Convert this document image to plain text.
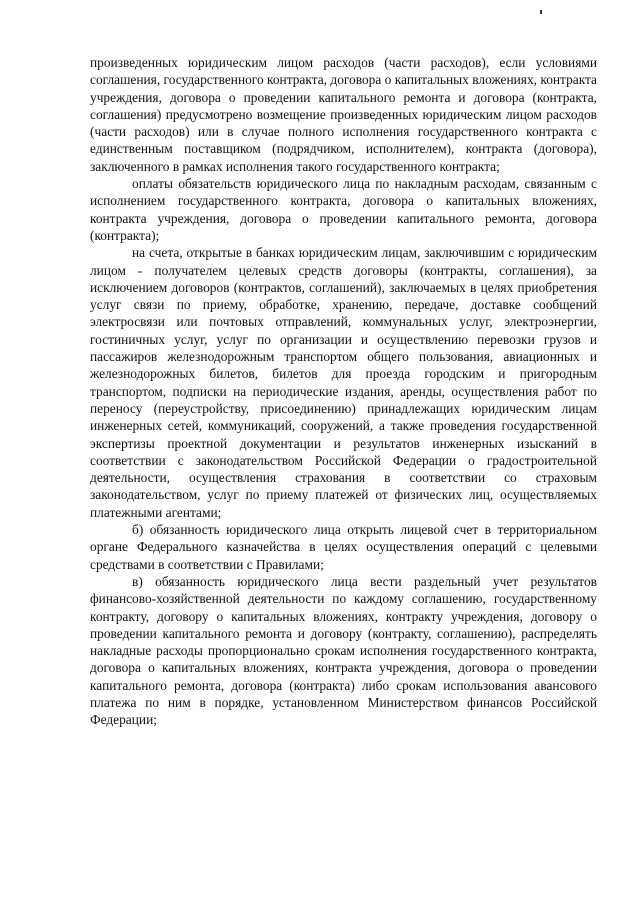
произведенных юридическим лицом расходов (части расходов), если условиями соглашения, государственного контракта, договора о капитальных вложениях, контракта учреждения, договора о проведении капитального ремонта и договора (контракта, соглашения) предусмотрено возмещение произведенных юридическим лицом расходов (части расходов) или в случае полного исполнения государственного контракта с единственным поставщиком (подрядчиком, исполнителем), контракта (договора), заключенного в рамках исполнения такого государственного контракта;

оплаты обязательств юридического лица по накладным расходам, связанным с исполнением государственного контракта, договора о капитальных вложениях, контракта учреждения, договора о проведении капитального ремонта, договора (контракта);

на счета, открытые в банках юридическим лицам, заключившим с юридическим лицом - получателем целевых средств договоры (контракты, соглашения), за исключением договоров (контрактов, соглашений), заключаемых в целях приобретения услуг связи по приему, обработке, хранению, передаче, доставке сообщений электросвязи или почтовых отправлений, коммунальных услуг, электроэнергии, гостиничных услуг, услуг по организации и осуществлению перевозки грузов и пассажиров железнодорожным транспортом общего пользования, авиационных и железнодорожных билетов, билетов для проезда городским и пригородным транспортом, подписки на периодические издания, аренды, осуществления работ по переносу (переустройству, присоединению) принадлежащих юридическим лицам инженерных сетей, коммуникаций, сооружений, а также проведения государственной экспертизы проектной документации и результатов инженерных изысканий в соответствии с законодательством Российской Федерации о градостроительной деятельности, осуществления страхования в соответствии со страховым законодательством, услуг по приему платежей от физических лиц, осуществляемых платежными агентами;

б) обязанность юридического лица открыть лицевой счет в территориальном органе Федерального казначейства в целях осуществления операций с целевыми средствами в соответствии с Правилами;

в) обязанность юридического лица вести раздельный учет результатов финансово-хозяйственной деятельности по каждому соглашению, государственному контракту, договору о капитальных вложениях, контракту учреждения, договору о проведении капитального ремонта и договору (контракту, соглашению), распределять накладные расходы пропорционально срокам исполнения государственного контракта, договора о капитальных вложениях, контракта учреждения, договора о проведении капитального ремонта, договора (контракта) либо срокам использования авансового платежа по ним в порядке, установленном Министерством финансов Российской Федерации;
